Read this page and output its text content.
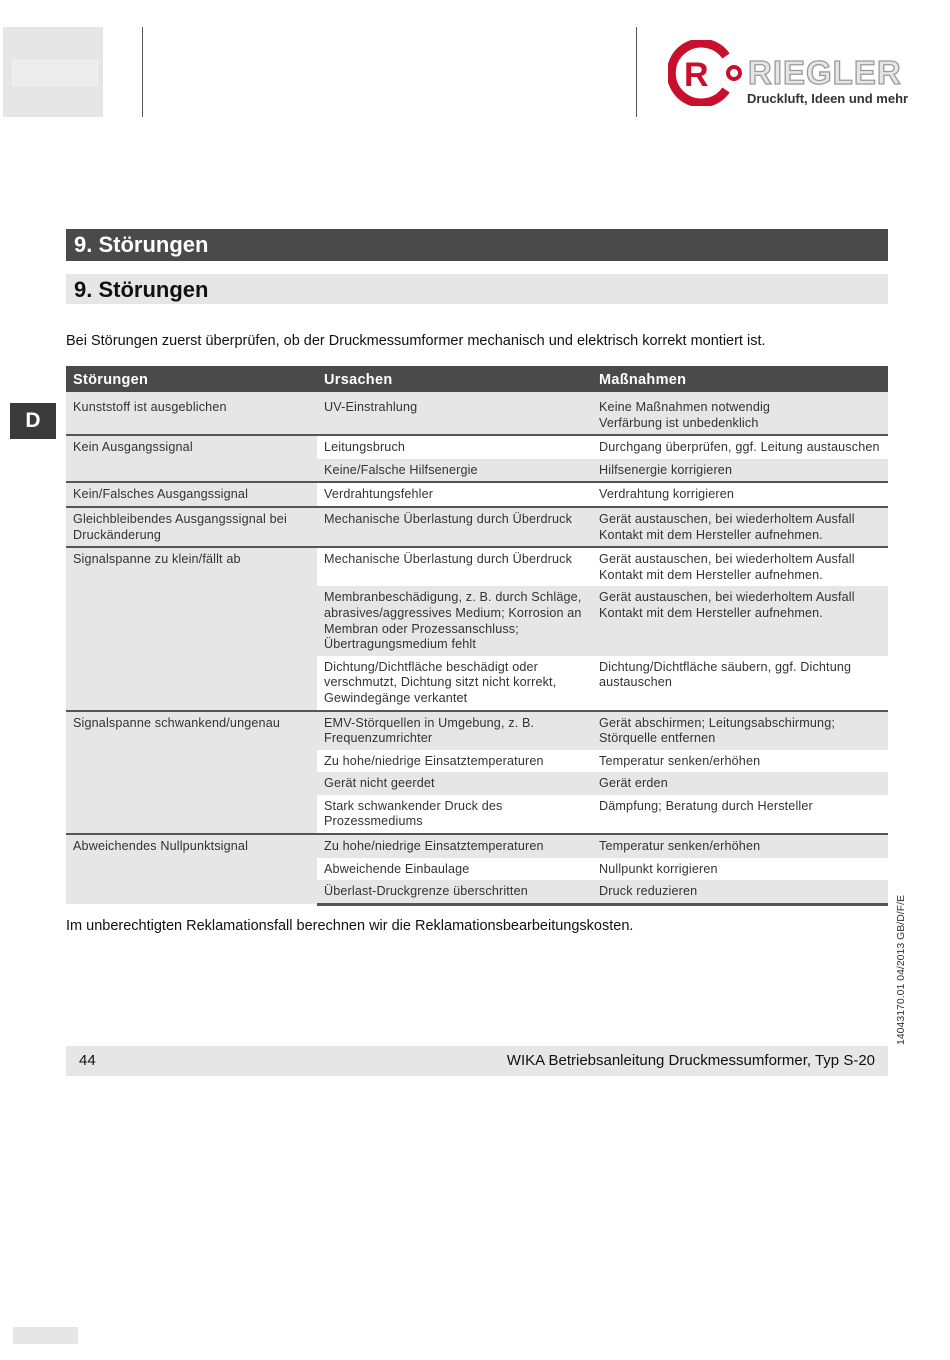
R RIEGLER
Druckluft, Ideen und mehr
9. Störungen
9. Störungen
Bei Störungen zuerst überprüfen, ob der Druckmessumformer mechanisch und elektrisch korrekt montiert ist.
D
Störungen	Ursachen	Maßnahmen
Kunststoff ist ausgeblichen	UV-Einstrahlung	Keine Maßnahmen notwendig
Verfärbung ist unbedenklich
Kein Ausgangssignal	Leitungsbruch	Durchgang überprüfen, ggf. Leitung austauschen
	Keine/Falsche Hilfsenergie	Hilfsenergie korrigieren
Kein/Falsches Ausgangssignal	Verdrahtungsfehler	Verdrahtung korrigieren
Gleichbleibendes Ausgangssignal bei Druckänderung	Mechanische Überlastung durch Überdruck	Gerät austauschen, bei wiederholtem Ausfall Kontakt mit dem Hersteller aufnehmen.
Signalspanne zu klein/fällt ab	Mechanische Überlastung durch Überdruck	Gerät austauschen, bei wiederholtem Ausfall Kontakt mit dem Hersteller aufnehmen.
	Membranbeschädigung, z. B. durch Schläge, abrasives/aggressives Medium; Korrosion an Membran oder Prozessanschluss; Übertragungsmedium fehlt	Gerät austauschen, bei wiederholtem Ausfall Kontakt mit dem Hersteller aufnehmen.
	Dichtung/Dichtfläche beschädigt oder verschmutzt, Dichtung sitzt nicht korrekt, Gewindegänge verkantet	Dichtung/Dichtfläche säubern, ggf. Dichtung austauschen
Signalspanne schwankend/ungenau	EMV-Störquellen in Umgebung, z. B. Frequenzumrichter	Gerät abschirmen; Leitungsabschirmung; Störquelle entfernen
	Zu hohe/niedrige Einsatztemperaturen	Temperatur senken/erhöhen
	Gerät nicht geerdet	Gerät erden
	Stark schwankender Druck des Prozessmediums	Dämpfung; Beratung durch Hersteller
Abweichendes Nullpunktsignal	Zu hohe/niedrige Einsatztemperaturen	Temperatur senken/erhöhen
	Abweichende Einbaulage	Nullpunkt korrigieren
	Überlast-Druckgrenze überschritten	Druck reduzieren
Im unberechtigten Reklamationsfall berechnen wir die Reklamationsbearbeitungskosten.
44	WIKA Betriebsanleitung Druckmessumformer, Typ S-20
14043170.01 04/2013 GB/D/F/E
